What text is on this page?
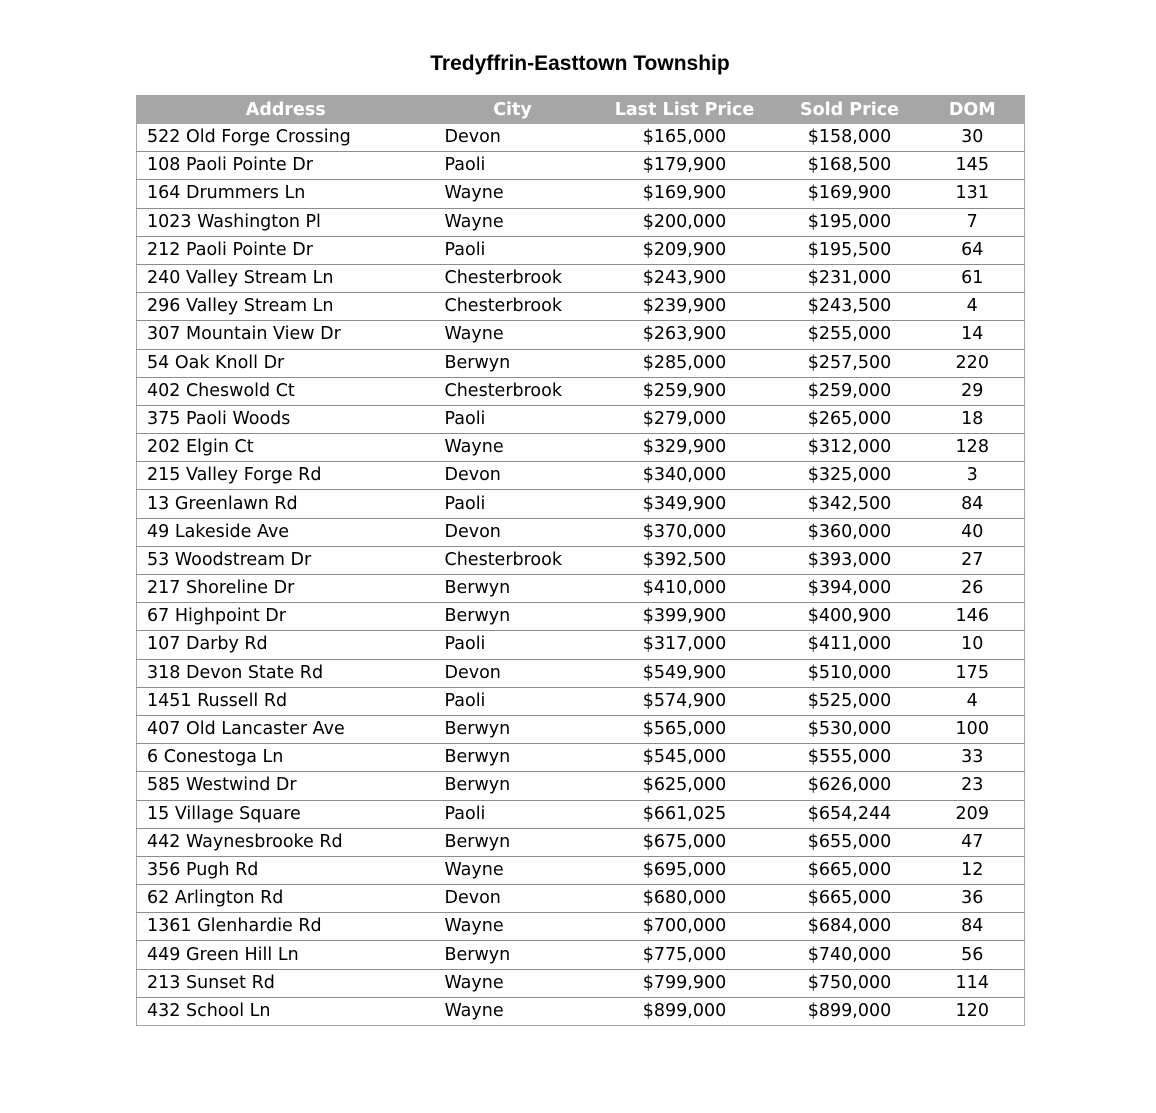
Tredyffrin-Easttown Township
Address	City	Last List Price	Sold Price	DOM
522 Old Forge Crossing	Devon	$165,000	$158,000	30
108 Paoli Pointe Dr	Paoli	$179,900	$168,500	145
164 Drummers Ln	Wayne	$169,900	$169,900	131
1023 Washington Pl	Wayne	$200,000	$195,000	7
212 Paoli Pointe Dr	Paoli	$209,900	$195,500	64
240 Valley Stream Ln	Chesterbrook	$243,900	$231,000	61
296 Valley Stream Ln	Chesterbrook	$239,900	$243,500	4
307 Mountain View Dr	Wayne	$263,900	$255,000	14
54 Oak Knoll Dr	Berwyn	$285,000	$257,500	220
402 Cheswold Ct	Chesterbrook	$259,900	$259,000	29
375 Paoli Woods	Paoli	$279,000	$265,000	18
202 Elgin Ct	Wayne	$329,900	$312,000	128
215 Valley Forge Rd	Devon	$340,000	$325,000	3
13 Greenlawn Rd	Paoli	$349,900	$342,500	84
49 Lakeside Ave	Devon	$370,000	$360,000	40
53 Woodstream Dr	Chesterbrook	$392,500	$393,000	27
217 Shoreline Dr	Berwyn	$410,000	$394,000	26
67 Highpoint Dr	Berwyn	$399,900	$400,900	146
107 Darby Rd	Paoli	$317,000	$411,000	10
318 Devon State Rd	Devon	$549,900	$510,000	175
1451 Russell Rd	Paoli	$574,900	$525,000	4
407 Old Lancaster Ave	Berwyn	$565,000	$530,000	100
6 Conestoga Ln	Berwyn	$545,000	$555,000	33
585 Westwind Dr	Berwyn	$625,000	$626,000	23
15 Village Square	Paoli	$661,025	$654,244	209
442 Waynesbrooke Rd	Berwyn	$675,000	$655,000	47
356 Pugh Rd	Wayne	$695,000	$665,000	12
62 Arlington Rd	Devon	$680,000	$665,000	36
1361 Glenhardie Rd	Wayne	$700,000	$684,000	84
449 Green Hill Ln	Berwyn	$775,000	$740,000	56
213 Sunset Rd	Wayne	$799,900	$750,000	114
432 School Ln	Wayne	$899,000	$899,000	120
